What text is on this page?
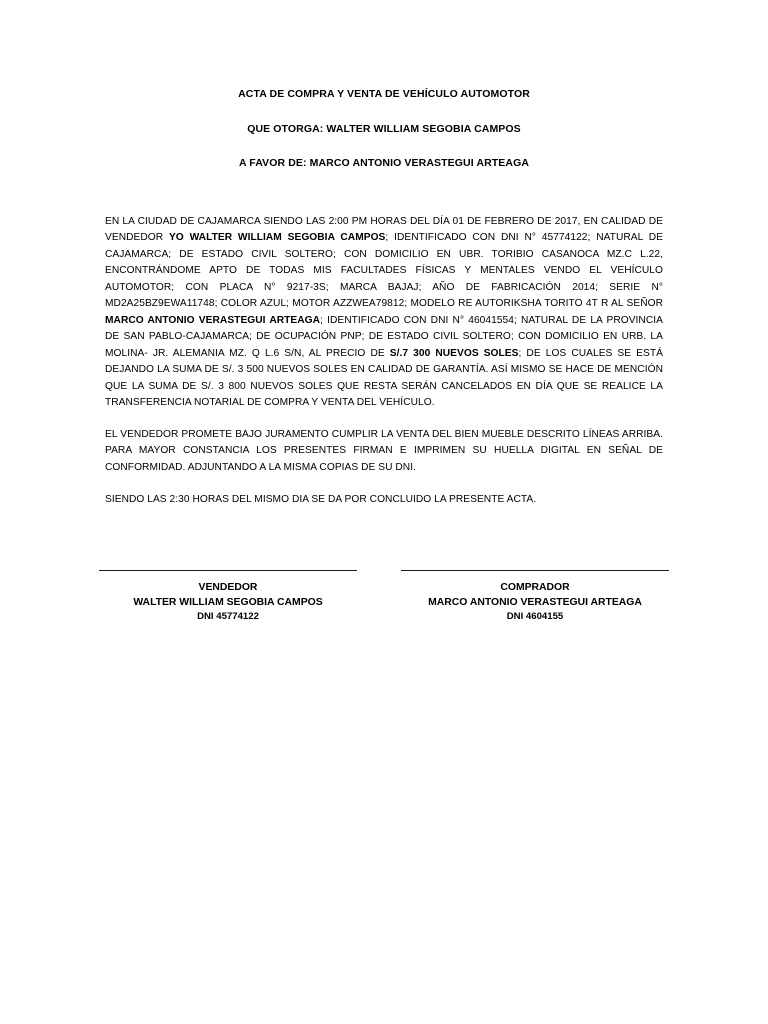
ACTA DE COMPRA Y VENTA DE VEHÍCULO AUTOMOTOR

QUE OTORGA: WALTER WILLIAM SEGOBIA CAMPOS

A FAVOR DE: MARCO ANTONIO VERASTEGUI ARTEAGA

EN LA CIUDAD DE CAJAMARCA SIENDO LAS 2:00 PM HORAS DEL DÍA 01 DE FEBRERO DE 2017, EN CALIDAD DE VENDEDOR YO WALTER WILLIAM SEGOBIA CAMPOS; IDENTIFICADO CON DNI N° 45774122; NATURAL DE CAJAMARCA; DE ESTADO CIVIL SOLTERO; CON DOMICILIO EN UBR. TORIBIO CASANOCA MZ.C L.22, ENCONTRÁNDOME APTO DE TODAS MIS FACULTADES FÍSICAS Y MENTALES VENDO EL VEHÍCULO AUTOMOTOR; CON PLACA N° 9217-3S; MARCA BAJAJ; AÑO DE FABRICACIÓN 2014; SERIE N° MD2A25BZ9EWA11748; COLOR AZUL; MOTOR AZZWEA79812; MODELO RE AUTORIKSHA TORITO 4T R AL SEÑOR MARCO ANTONIO VERASTEGUI ARTEAGA; IDENTIFICADO CON DNI N° 46041554; NATURAL DE LA PROVINCIA DE SAN PABLO-CAJAMARCA; DE OCUPACIÓN PNP; DE ESTADO CIVIL SOLTERO; CON DOMICILIO EN URB. LA MOLINA- JR. ALEMANIA MZ. Q L.6 S/N, AL PRECIO DE S/.7 300 NUEVOS SOLES; DE LOS CUALES SE ESTÁ DEJANDO LA SUMA DE S/. 3 500 NUEVOS SOLES EN CALIDAD DE GARANTÍA. ASÍ MISMO SE HACE DE MENCIÓN QUE LA SUMA DE S/. 3 800 NUEVOS SOLES QUE RESTA SERÁN CANCELADOS EN DÍA QUE SE REALICE LA TRANSFERENCIA NOTARIAL DE COMPRA Y VENTA DEL VEHÍCULO.

EL VENDEDOR PROMETE BAJO JURAMENTO CUMPLIR LA VENTA DEL BIEN MUEBLE DESCRITO LÍNEAS ARRIBA. PARA MAYOR CONSTANCIA LOS PRESENTES FIRMAN E IMPRIMEN SU HUELLA DIGITAL EN SEÑAL DE CONFORMIDAD. ADJUNTANDO A LA MISMA COPIAS DE SU DNI.

SIENDO LAS 2:30 HORAS DEL MISMO DIA SE DA POR CONCLUIDO LA PRESENTE ACTA.

VENDEDOR
WALTER WILLIAM SEGOBIA CAMPOS
DNI 45774122
COMPRADOR
MARCO ANTONIO VERASTEGUI ARTEAGA
DNI 4604155
